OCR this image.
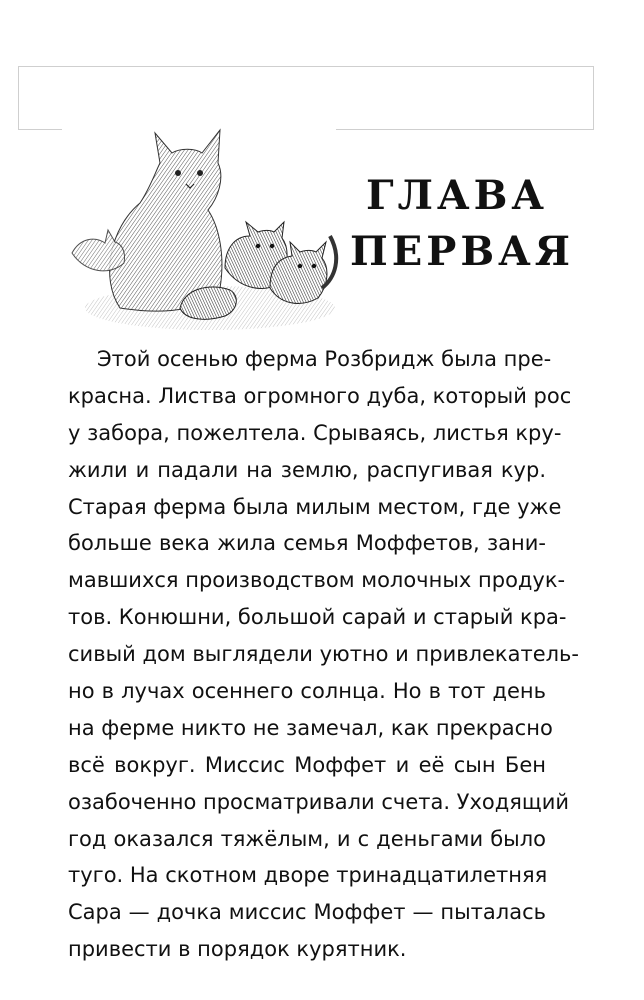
ГЛАВА
ПЕРВАЯ
Этой осенью ферма Розбридж была пре-
красна. Листва огромного дуба, который рос
у забора, пожелтела. Срываясь, листья кру-
жили и падали на землю, распугивая кур.
Старая ферма была милым местом, где уже
больше века жила семья Моффетов, зани-
мавшихся производством молочных продук-
тов. Конюшни, большой сарай и старый кра-
сивый дом выглядели уютно и привлекатель-
но в лучах осеннего солнца. Но в тот день
на ферме никто не замечал, как прекрасно
всё вокруг. Миссис Моффет и её сын Бен
озабоченно просматривали счета. Уходящий
год оказался тяжёлым, и с деньгами было
туго. На скотном дворе тринадцатилетняя
Сара — дочка миссис Моффет — пыталась
привести в порядок курятник.
